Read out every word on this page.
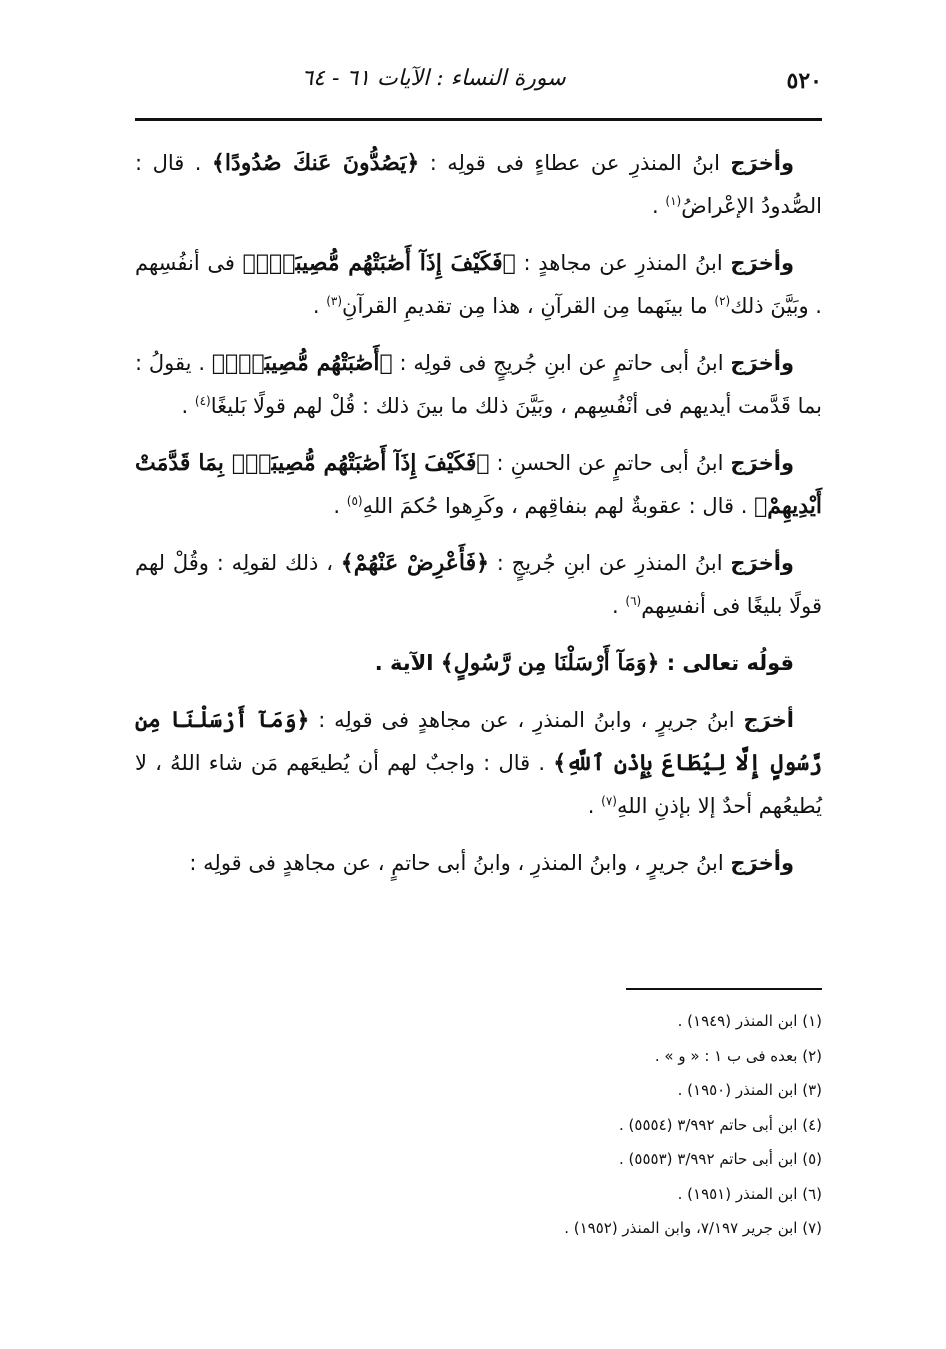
٥٢٠
سورة النساء : الآيات ٦١ - ٦٤

وأخرَج ابنُ المنذرِ عن عطاءٍ فى قولِه : ﴿يَصُدُّونَ عَنكَ صُدُودًا﴾ . قال : الصُّدودُ الإعْراضُ$^{(١)}$ .

وأخرَج ابنُ المنذرِ عن مجاهدٍ : ﴿فَكَيْفَ إِذَآ أَصَٰبَتْهُم مُّصِيبَةٌۢ﴾ فى أنفُسِهم . وبَيَّنَ ذلك$^{(٢)}$ ما بينَهما مِن القرآنِ ، هذا مِن تقديمِ القرآنِ$^{(٣)}$ .

وأخرَج ابنُ أبى حاتمٍ عن ابنِ جُريجٍ فى قولِه : ﴿أَصَٰبَتْهُم مُّصِيبَةٌۢ﴾ . يقولُ : بما قَدَّمت أيديهم فى أنْفُسِهم ، وبَيَّنَ ذلك ما بينَ ذلك : قُلْ لهم قولًا بَليغًا$^{(٤)}$ .

وأخرَج ابنُ أبى حاتمٍ عن الحسنِ : ﴿فَكَيْفَ إِذَآ أَصَٰبَتْهُم مُّصِيبَةٌۢ بِمَا قَدَّمَتْ أَيْدِيهِمْ﴾ . قال : عقوبةٌ لهم بنفاقِهم ، وكَرِهوا حُكمَ اللهِ$^{(٥)}$ .

وأخرَج ابنُ المنذرِ عن ابنِ جُريجٍ : ﴿فَأَعْرِضْ عَنْهُمْ﴾ ، ذلك لقولِه : وقُلْ لهم قولًا بليغًا فى أنفسِهم$^{(٦)}$ .

قولُه تعالى : ﴿وَمَآ أَرْسَلْنَا مِن رَّسُولٍ﴾ الآية .

أخرَج ابنُ جريرٍ ، وابنُ المنذرِ ، عن مجاهدٍ فى قولِه : ﴿وَمَآ أَرْسَلْنَا مِن رَّسُولٍ إِلَّا لِيُطَاعَ بِإِذْنِ ٱللَّهِ﴾ . قال : واجبٌ لهم أن يُطيعَهم مَن شاء اللهُ ، لا يُطيعُهم أحدٌ إلا بإذنِ اللهِ$^{(٧)}$ .

وأخرَج ابنُ جريرٍ ، وابنُ المنذرِ ، وابنُ أبى حاتمٍ ، عن مجاهدٍ فى قولِه :

(١) ابن المنذر (١٩٤٩) .

(٢) بعده فى ب ١ : « و » .

(٣) ابن المنذر (١٩٥٠) .

(٤) ابن أبى حاتم ٣/٩٩٢ (٥٥٥٤) .

(٥) ابن أبى حاتم ٣/٩٩٢ (٥٥٥٣) .

(٦) ابن المنذر (١٩٥١) .

(٧) ابن جرير ٧/١٩٧، وابن المنذر (١٩٥٢) .
